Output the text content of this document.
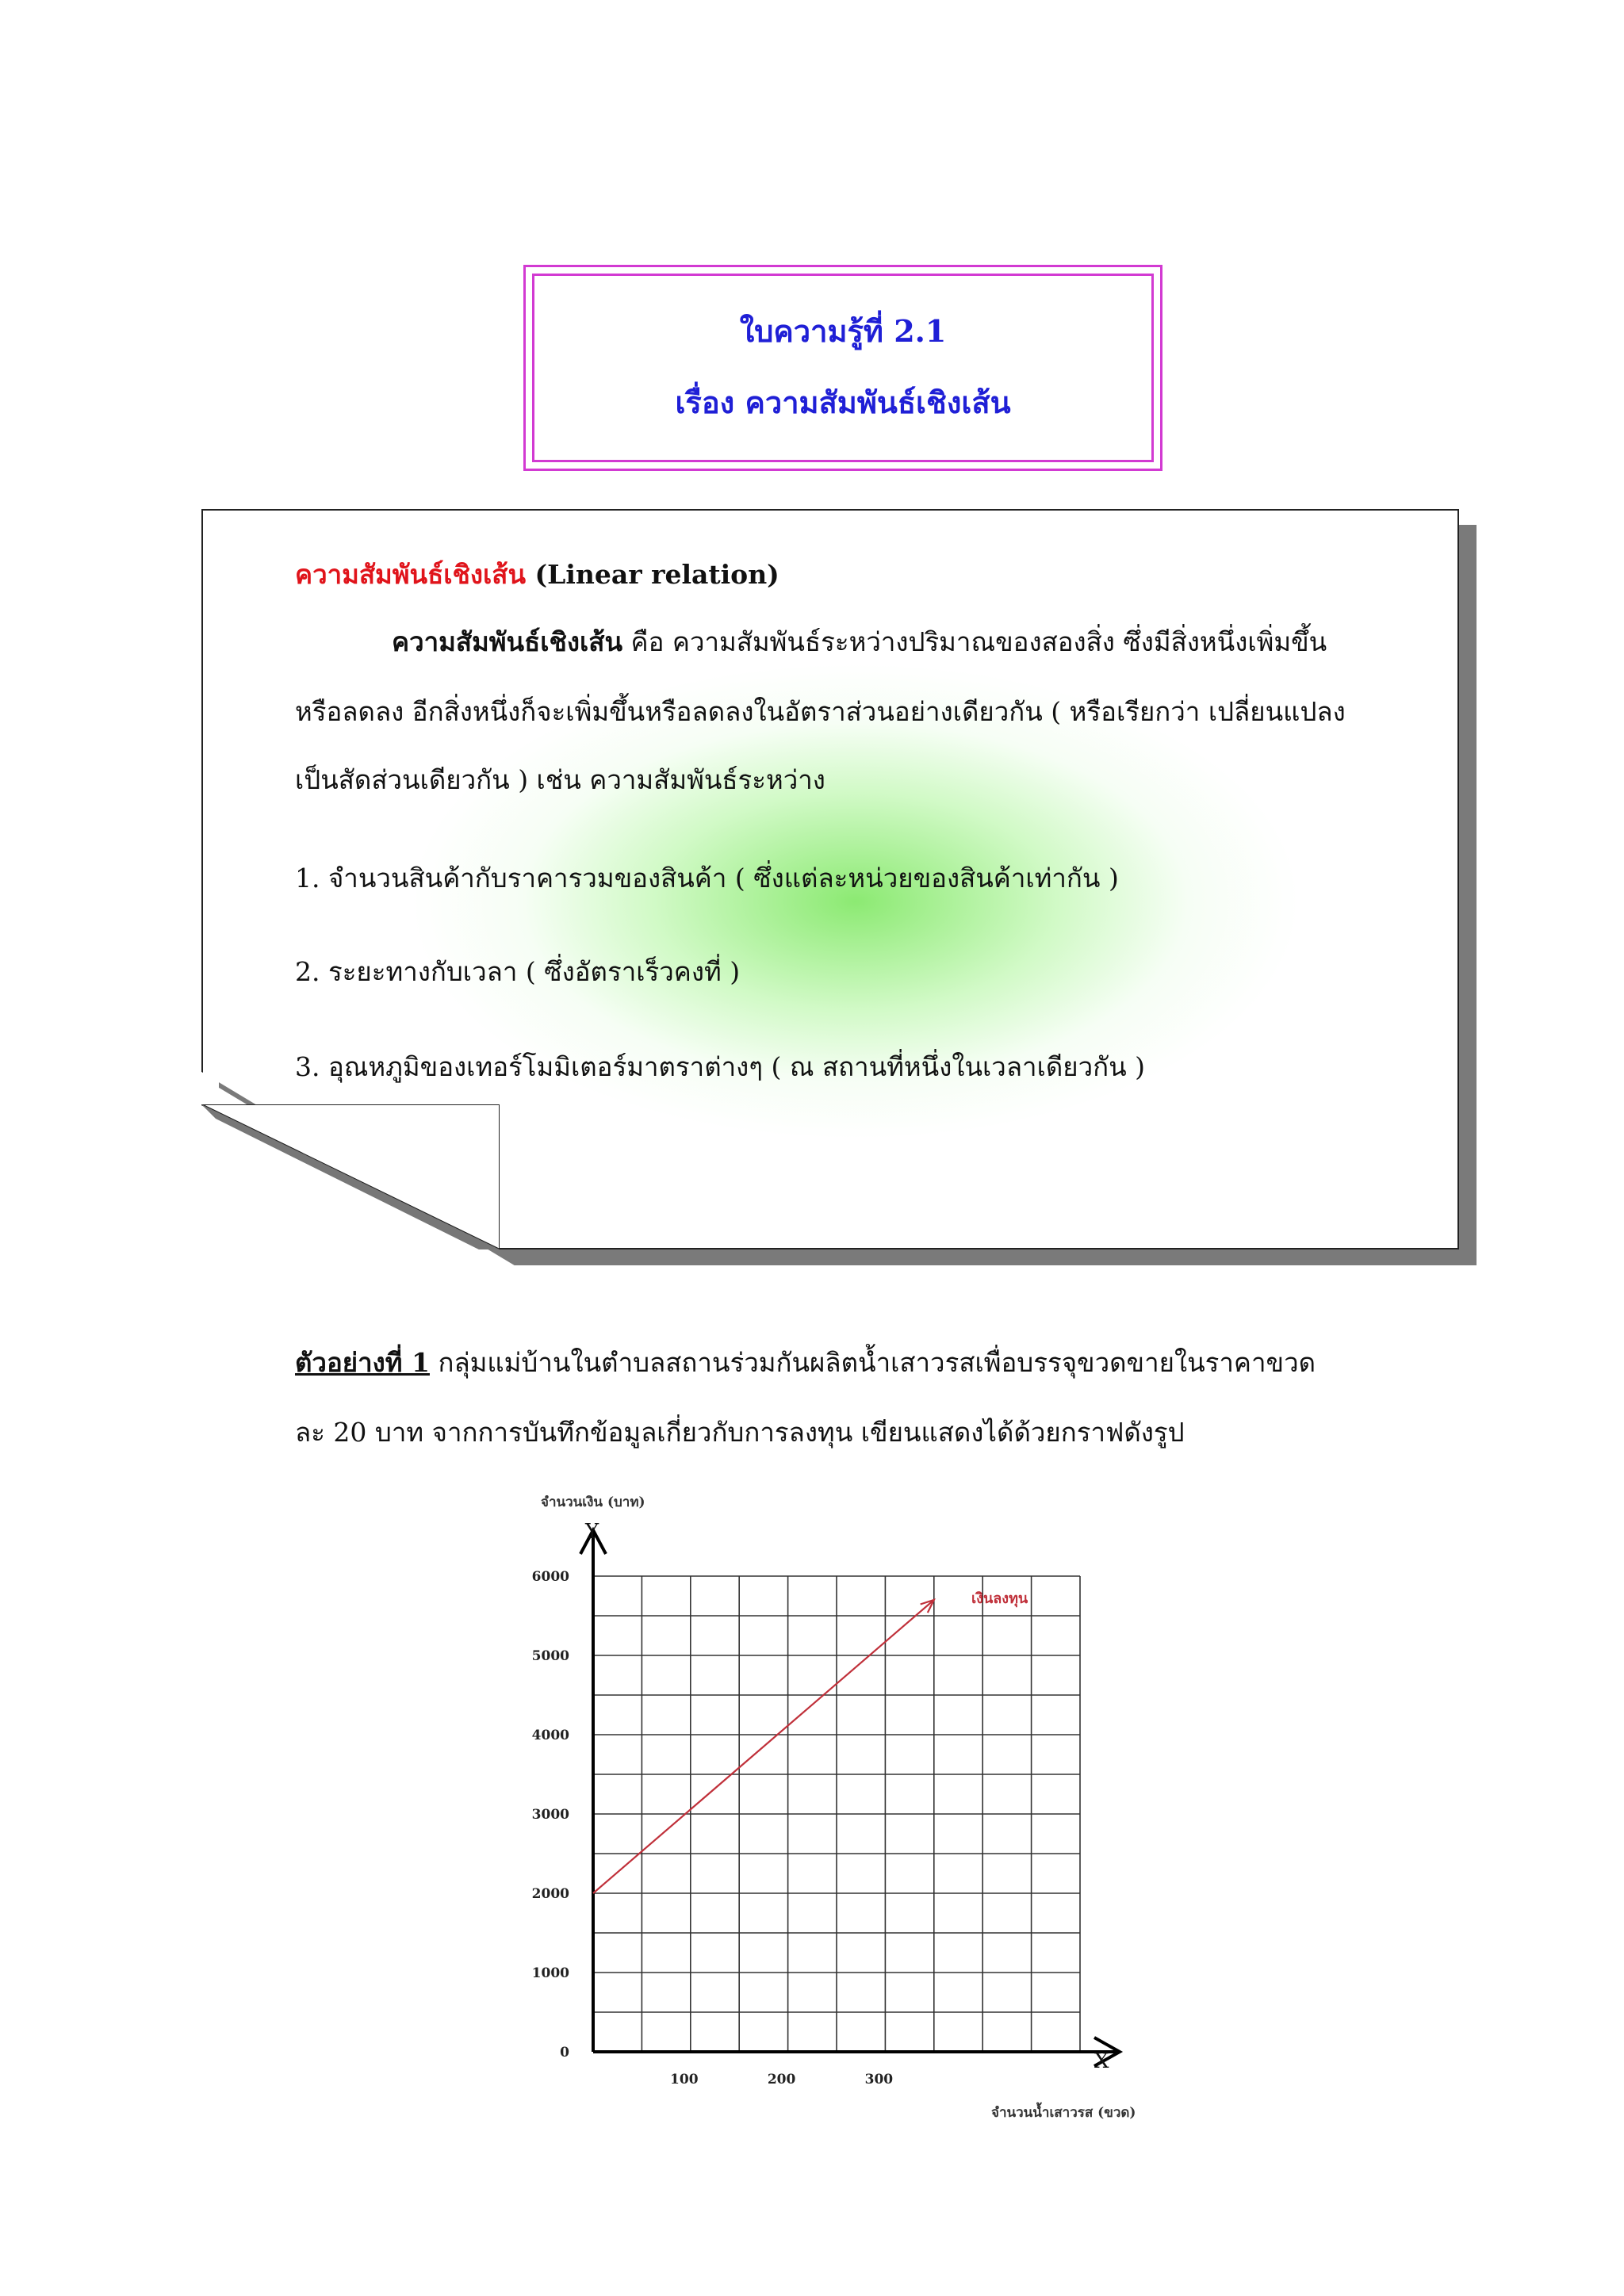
ใบความรู้ที่ 2.1
เรื่อง ความสัมพันธ์เชิงเส้น
ความสัมพันธ์เชิงเส้น (Linear relation)
ความสัมพันธ์เชิงเส้น คือ ความสัมพันธ์ระหว่างปริมาณของสองสิ่ง ซึ่งมีสิ่งหนึ่งเพิ่มขึ้น
หรือลดลง อีกสิ่งหนึ่งก็จะเพิ่มขึ้นหรือลดลงในอัตราส่วนอย่างเดียวกัน ( หรือเรียกว่า เปลี่ยนแปลง
เป็นสัดส่วนเดียวกัน ) เช่น ความสัมพันธ์ระหว่าง
1. จำนวนสินค้ากับราคารวมของสินค้า ( ซึ่งแต่ละหน่วยของสินค้าเท่ากัน )
2. ระยะทางกับเวลา ( ซึ่งอัตราเร็วคงที่ )
3. อุณหภูมิของเทอร์โมมิเตอร์มาตราต่างๆ ( ณ สถานที่หนึ่งในเวลาเดียวกัน )
ตัวอย่างที่ 1 กลุ่มแม่บ้านในตำบลสถานร่วมกันผลิตน้ำเสาวรสเพื่อบรรจุขวดขายในราคาขวด
ละ 20 บาท จากการบันทึกข้อมูลเกี่ยวกับการลงทุน เขียนแสดงได้ด้วยกราฟดังรูป
0
1000
2000
3000
4000
5000
6000
100	200	300
จำนวนเงิน (บาท)
จำนวนน้ำเสาวรส (ขวด)
Y
X
เงินลงทุน
